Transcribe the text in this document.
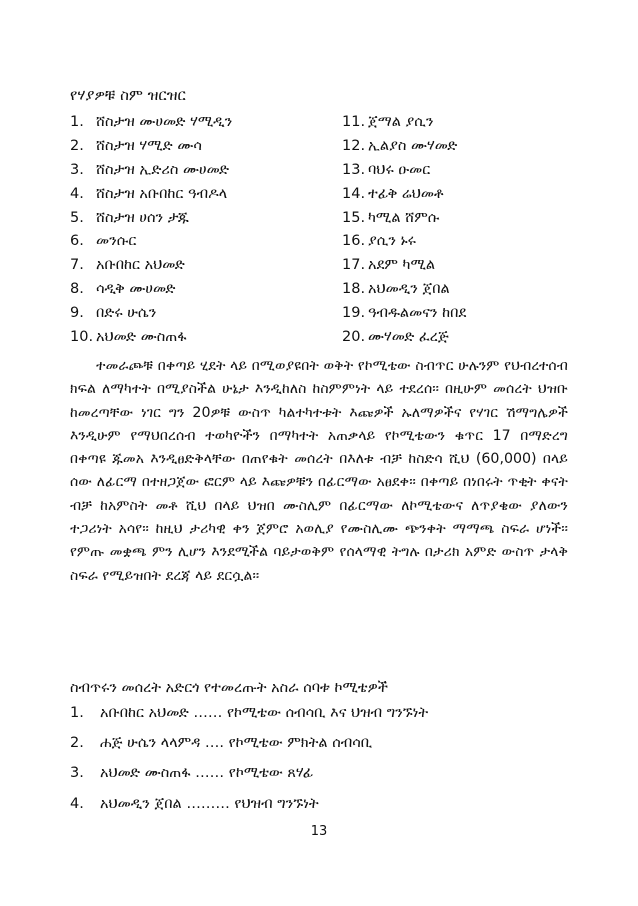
የሃያዎቹ ስም ዝርዝር
1. ሸስታዝ ሙሀመድ ሃሚዲን	11. ጀማል ያሲን
2. ሸስታዝ ሃሚድ ሙሳ	12. ኢልያስ ሙሃመድ
3. ሸስታዝ ኢድሪስ ሙሀመድ	13. ባህሩ ዑመር
4. ሸስታዝ አቡበከር ዓብዶላ	14. ተፊቅ ሬህመቶ
5. ሸስታዝ ሀሰን ታጁ	15. ካሚል ሸምሱ
6. መንሱር	16. ያሲን ኑሩ
7. አቡበከር አህመድ	17. አደም ካሚል
8. ሳዲቅ ሙሀመድ	18. አህመዲን ጀበል
9. በድሩ ሁሴን	19. ዓብዱልመናን ከበደ
10. አህመድ ሙስጠፋ	20. ሙሃመድ ፈረጅ

ተመራጮቹ በቀጣይ ሂደት ላይ በሚወያዩበት ወቅት የኮሚቴው ስብጥር ሁሉንም የህብረተሰብ ክፍል ለማካተት በሚያስችል ሁኔታ እንዲከለስ ከስምምነት ላይ ተደረሰ፡፡ በዚሁም መሰረት ህዝቡ ከመረጣቸው ነገር ግን 20ዎቹ ውስጥ ካልተካተቱት እጩዎች ኡለማዎችና የሃገር ሽማግሌዎች እንዲሁም የማህበረሰብ ተወካዮችን በማካተት አጠቃላይ የኮሚቴውን ቁጥር 17 በማድረግ በቀጣዩ ጁመአ እንዲፀድቅላቸው በጠየቁት መሰረት በእለቱ ብቻ ከስድሳ ሺህ (60,000) በላይ ሰው ለፊርማ በተዘጋጀው ፎርም ላይ እጩዎቹን በፊርማው አፀደቀ፡፡ በቀጣይ በነበሩት ጥቂት ቀናት ብቻ ከአምስት መቶ ሺህ በላይ ህዝበ ሙስሊም በፊርማው ለኮሚቴውና ለጥያቄው ያለውን ተጋሪነት አሳየ፡፡ ከዚህ ታሪካዊ ቀን ጀምሮ አወሊያ የሙስሊሙ ጭንቀት ማማጫ ስፍራ ሆነች፡፡ የምጡ መቋጫ ምን ሊሆን እንደሚችል ባይታወቅም የሰላማዊ ትግሉ በታሪክ አምድ ውስጥ ታላቅ ስፍራ የሚይዝበት ደረጃ ላይ ደርሷል፡፡

ስብጥሩን መሰረት አድርጎ የተመረጡት አስራ ሰባቱ ኮሚቴዎች
1. አቡበከር አህመድ …… የኮሚቴው ሰብሳቢ እና ህዝብ ግንኙነት
2. ሐጅ ሁሴን ላላምዳ …. የኮሚቴው ምክትል ሰብሳቢ
3. አህመድ ሙስጠፋ …… የኮሚቴው ጸሃፊ
4. አህመዲን ጀበል ……… የህዝብ ግንኙነት
13
